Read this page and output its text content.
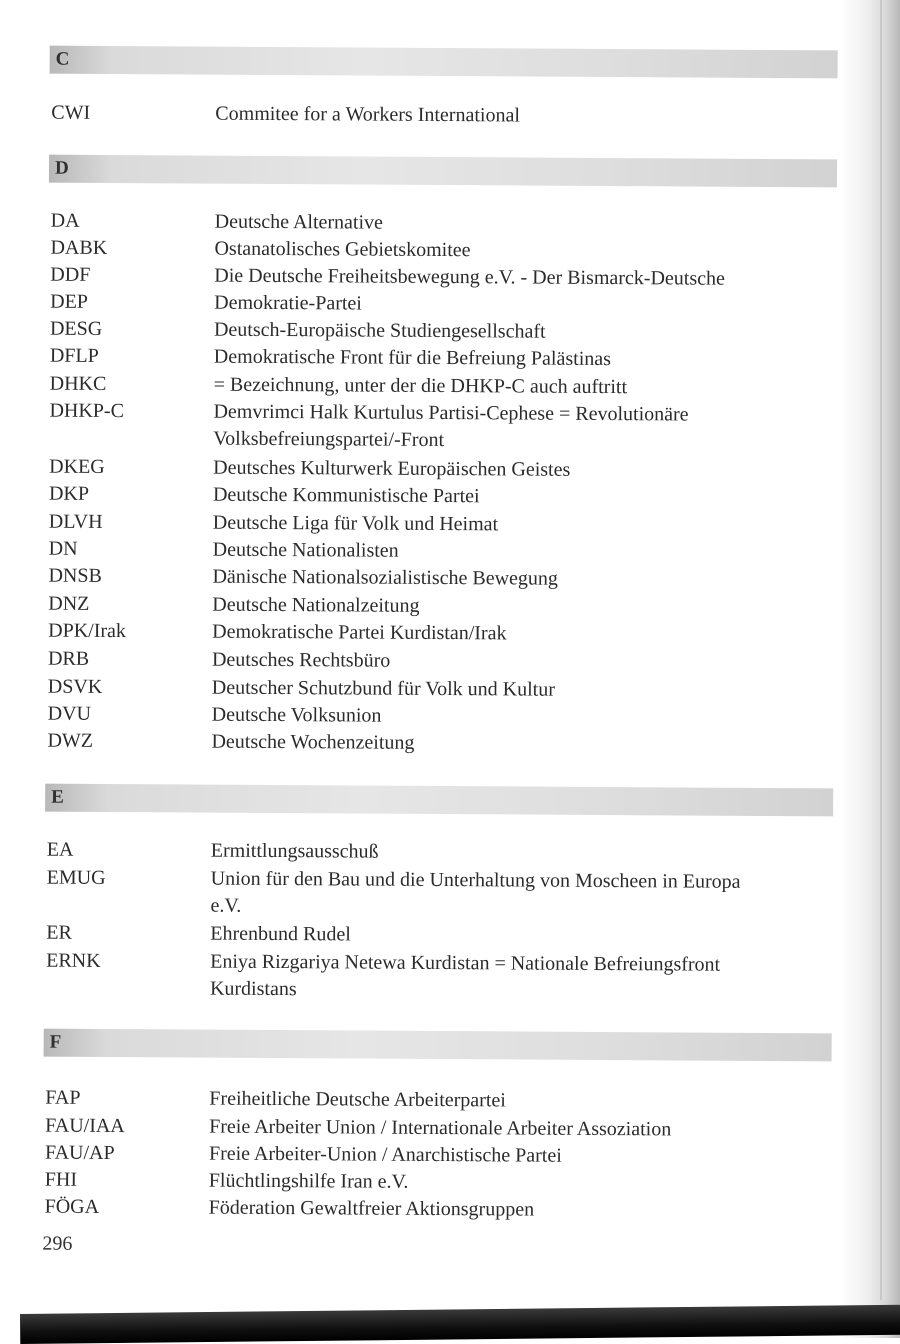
C
CWI	Commitee for a Workers International
D
DA	Deutsche Alternative
DABK	Ostanatolisches Gebietskomitee
DDF	Die Deutsche Freiheitsbewegung e.V. - Der Bismarck-Deutsche
DEP	Demokratie-Partei
DESG	Deutsch-Europäische Studiengesellschaft
DFLP	Demokratische Front für die Befreiung Palästinas
DHKC	= Bezeichnung, unter der die DHKP-C auch auftritt
DHKP-C	Demvrimci Halk Kurtulus Partisi-Cephese = Revolutionäre
Volksbefreiungspartei/-Front
DKEG	Deutsches Kulturwerk Europäischen Geistes
DKP	Deutsche Kommunistische Partei
DLVH	Deutsche Liga für Volk und Heimat
DN	Deutsche Nationalisten
DNSB	Dänische Nationalsozialistische Bewegung
DNZ	Deutsche Nationalzeitung
DPK/Irak	Demokratische Partei Kurdistan/Irak
DRB	Deutsches Rechtsbüro
DSVK	Deutscher Schutzbund für Volk und Kultur
DVU	Deutsche Volksunion
DWZ	Deutsche Wochenzeitung
E
EA	Ermittlungsausschuß
EMUG	Union für den Bau und die Unterhaltung von Moscheen in Europa
e.V.
ER	Ehrenbund Rudel
ERNK	Eniya Rizgariya Netewa Kurdistan = Nationale Befreiungsfront
Kurdistans
F
FAP	Freiheitliche Deutsche Arbeiterpartei
FAU/IAA	Freie Arbeiter Union / Internationale Arbeiter Assoziation
FAU/AP	Freie Arbeiter-Union / Anarchistische Partei
FHI	Flüchtlingshilfe Iran e.V.
FÖGA	Föderation Gewaltfreier Aktionsgruppen
296
